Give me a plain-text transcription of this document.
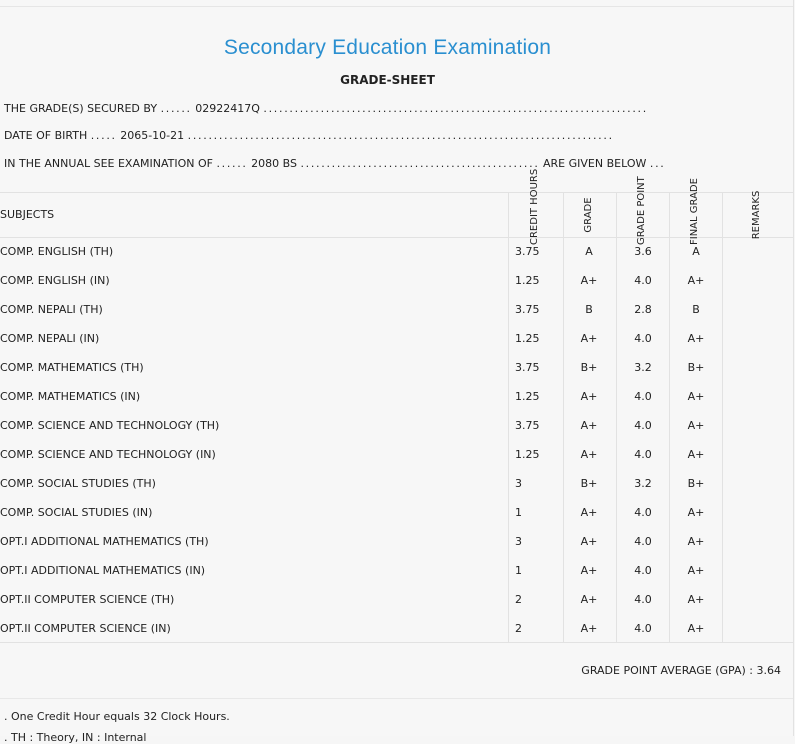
Secondary Education Examination
GRADE-SHEET
THE GRADE(S) SECURED BY ...... 02922417Q ..........................................................................
DATE OF BIRTH ..... 2065-10-21 ..................................................................................
IN THE ANNUAL SEE EXAMINATION OF ...... 2080 BS .............................................. ARE GIVEN BELOW ...
SUBJECTS	CREDIT HOURS	GRADE	GRADE POINT	FINAL GRADE	REMARKS
COMP. ENGLISH (TH)	3.75	A	3.6	A
COMP. ENGLISH (IN)	1.25	A+	4.0	A+
COMP. NEPALI (TH)	3.75	B	2.8	B
COMP. NEPALI (IN)	1.25	A+	4.0	A+
COMP. MATHEMATICS (TH)	3.75	B+	3.2	B+
COMP. MATHEMATICS (IN)	1.25	A+	4.0	A+
COMP. SCIENCE AND TECHNOLOGY (TH)	3.75	A+	4.0	A+
COMP. SCIENCE AND TECHNOLOGY (IN)	1.25	A+	4.0	A+
COMP. SOCIAL STUDIES (TH)	3	B+	3.2	B+
COMP. SOCIAL STUDIES (IN)	1	A+	4.0	A+
OPT.I ADDITIONAL MATHEMATICS (TH)	3	A+	4.0	A+
OPT.I ADDITIONAL MATHEMATICS (IN)	1	A+	4.0	A+
OPT.II COMPUTER SCIENCE (TH)	2	A+	4.0	A+
OPT.II COMPUTER SCIENCE (IN)	2	A+	4.0	A+
GRADE POINT AVERAGE (GPA) : 3.64
. One Credit Hour equals 32 Clock Hours.
. TH : Theory, IN : Internal
